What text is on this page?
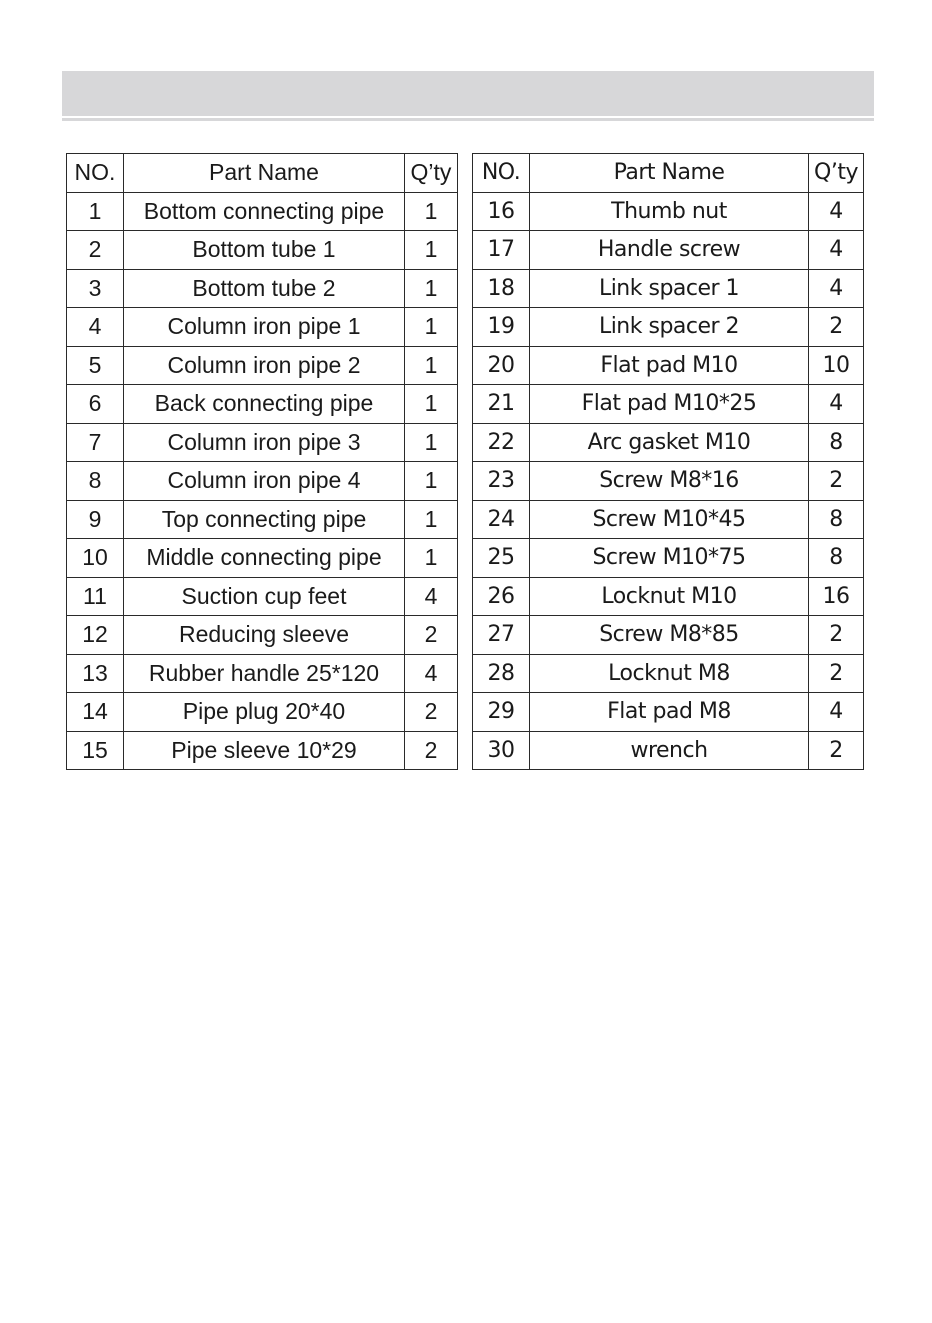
NO.	Part Name	Q’ty
1	Bottom connecting pipe	1
2	Bottom tube 1	1
3	Bottom tube 2	1
4	Column iron pipe 1	1
5	Column iron pipe 2	1
6	Back connecting pipe	1
7	Column iron pipe 3	1
8	Column iron pipe 4	1
9	Top connecting pipe	1
10	Middle connecting pipe	1
11	Suction cup feet	4
12	Reducing sleeve	2
13	Rubber handle 25*120	4
14	Pipe plug 20*40	2
15	Pipe sleeve 10*29	2
NO.	Part Name	Q’ty
16	Thumb nut	4
17	Handle screw	4
18	Link spacer 1	4
19	Link spacer 2	2
20	Flat pad M10	10
21	Flat pad M10*25	4
22	Arc gasket M10	8
23	Screw M8*16	2
24	Screw M10*45	8
25	Screw M10*75	8
26	Locknut M10	16
27	Screw M8*85	2
28	Locknut M8	2
29	Flat pad M8	4
30	wrench	2
